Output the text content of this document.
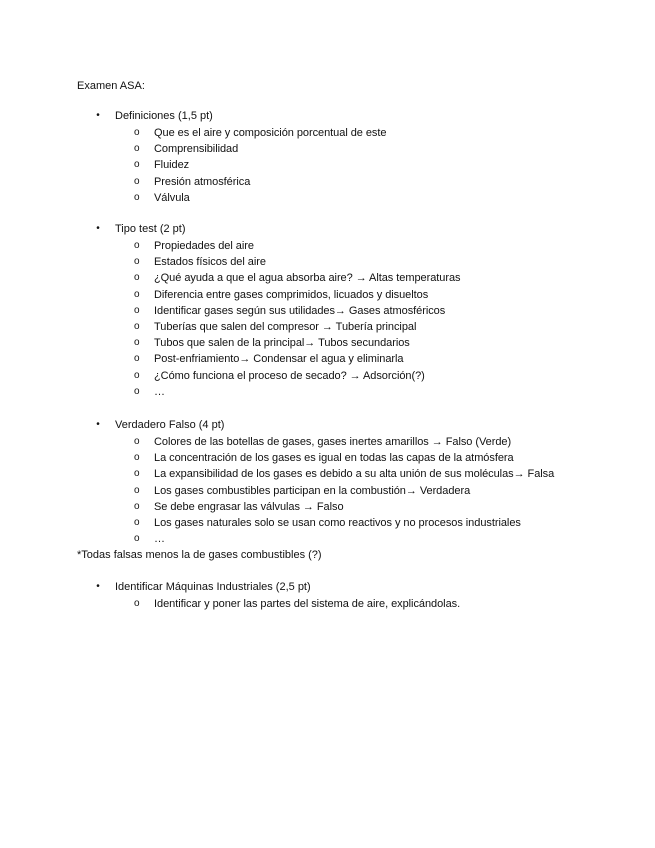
Examen ASA:
• Definiciones (1,5 pt)
o Que es el aire y composición porcentual de este
o Comprensibilidad
o Fluidez
o Presión atmosférica
o Válvula
• Tipo test (2 pt)
o Propiedades del aire
o Estados físicos del aire
o ¿Qué ayuda a que el agua absorba aire? → Altas temperaturas
o Diferencia entre gases comprimidos, licuados y disueltos
o Identificar gases según sus utilidades→ Gases atmosféricos
o Tuberías que salen del compresor → Tubería principal
o Tubos que salen de la principal→ Tubos secundarios
o Post-enfriamiento→ Condensar el agua y eliminarla
o ¿Cómo funciona el proceso de secado? → Adsorción(?)
o …
• Verdadero Falso (4 pt)
o Colores de las botellas de gases, gases inertes amarillos → Falso (Verde)
o La concentración de los gases es igual en todas las capas de la atmósfera
o La expansibilidad de los gases es debido a su alta unión de sus moléculas→ Falsa
o Los gases combustibles participan en la combustión→ Verdadera
o Se debe engrasar las válvulas → Falso
o Los gases naturales solo se usan como reactivos y no procesos industriales
o …
*Todas falsas menos la de gases combustibles (?)
• Identificar Máquinas Industriales (2,5 pt)
o Identificar y poner las partes del sistema de aire, explicándolas.
